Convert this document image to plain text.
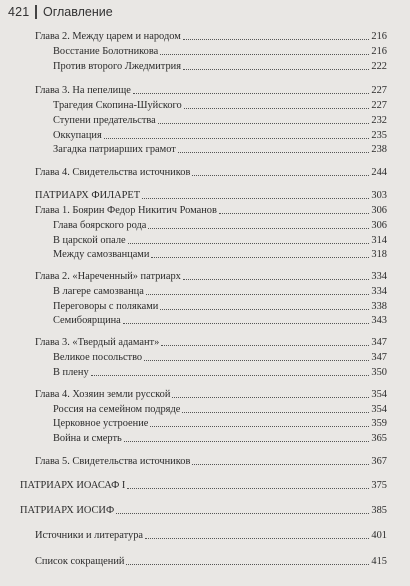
421 Оглавление
Глава 2. Между царем и народом	216
Восстание Болотникова	216
Против второго Лжедмитрия	222
Глава 3. На пепелище	227
Трагедия Скопина-Шуйского	227
Ступени предательства	232
Оккупация	235
Загадка патриарших грамот	238
Глава 4. Свидетельства источников	244
ПАТРИАРХ ФИЛАРЕТ	303
Глава 1. Боярин Федор Никитич Романов	306
Глава боярского рода	306
В царской опале	314
Между самозванцами	318
Глава 2. «Нареченный» патриарх	334
В лагере самозванца	334
Переговоры с поляками	338
Семибоярщина	343
Глава 3. «Твердый адамант»	347
Великое посольство	347
В плену	350
Глава 4. Хозяин земли русской	354
Россия на семейном подряде	354
Церковное устроение	359
Война и смерть	365
Глава 5. Свидетельства источников	367
ПАТРИАРХ ИОАСАФ I	375
ПАТРИАРХ ИОСИФ	385
Источники и литература	401
Список сокращений	415
